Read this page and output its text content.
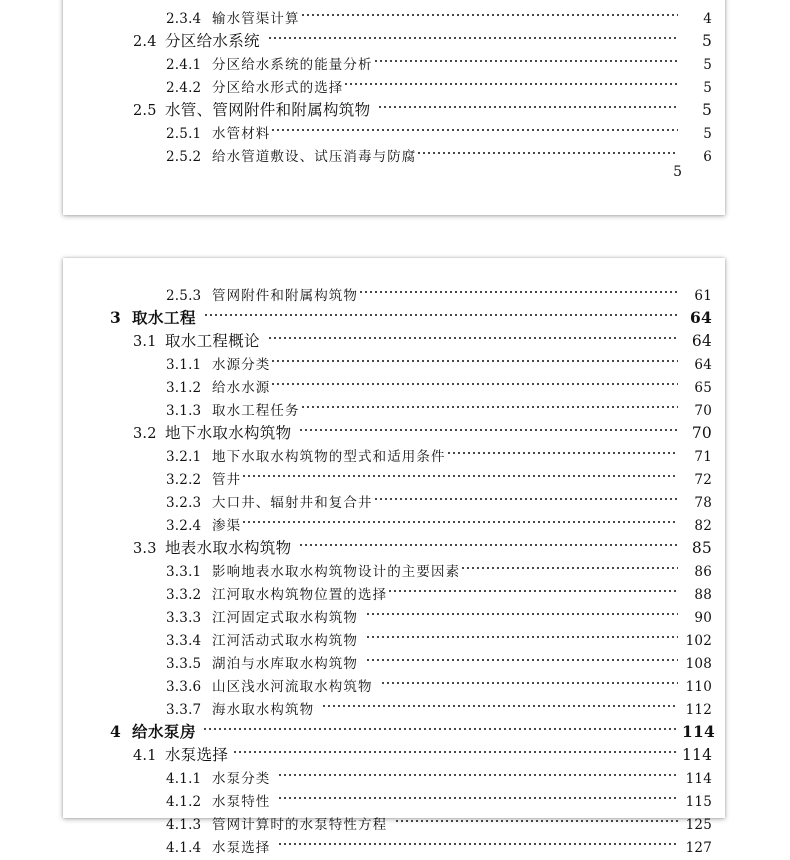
2.3.4 输水管渠计算	4
2.4 分区给水系统	5
2.4.1 分区给水系统的能量分析	5
2.4.2 分区给水形式的选择	5
2.5 水管、管网附件和附属构筑物	5
2.5.1 水管材料	5
2.5.2 给水管道敷设、试压消毒与防腐	6
5
2.5.3 管网附件和附属构筑物	61
3 取水工程	64
3.1 取水工程概论	64
3.1.1 水源分类	64
3.1.2 给水水源	65
3.1.3 取水工程任务	70
3.2 地下水取水构筑物	70
3.2.1 地下水取水构筑物的型式和适用条件	71
3.2.2 管井	72
3.2.3 大口井、辐射井和复合井	78
3.2.4 渗渠	82
3.3 地表水取水构筑物	85
3.3.1 影响地表水取水构筑物设计的主要因素	86
3.3.2 江河取水构筑物位置的选择	88
3.3.3 江河固定式取水构筑物	90
3.3.4 江河活动式取水构筑物	102
3.3.5 湖泊与水库取水构筑物	108
3.3.6 山区浅水河流取水构筑物	110
3.3.7 海水取水构筑物	112
4 给水泵房	114
4.1 水泵选择	114
4.1.1 水泵分类	114
4.1.2 水泵特性	115
4.1.3 管网计算时的水泵特性方程	125
4.1.4 水泵选择	127
